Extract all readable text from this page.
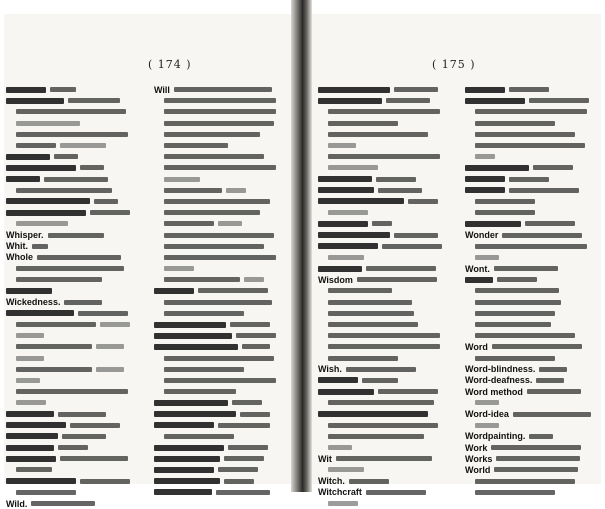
( 174 )
Whisper.
Whit.
Whole
Wickedness.
Wild.
Will
( 175 )
Wisdom
Wish.
Wit
Witch.
Witchcraft
Wonder
Wont.
Word
Word-blindness.
Word-deafness.
Word method
Word-idea
Wordpainting.
Work
Works
World
